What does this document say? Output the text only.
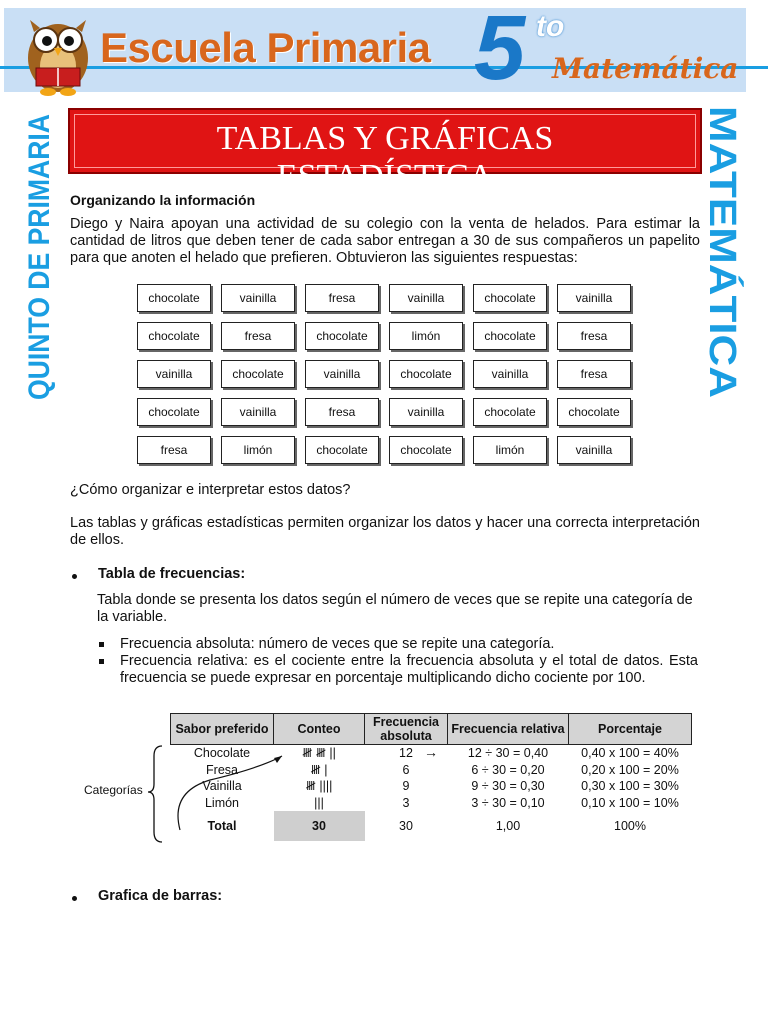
Escuela Primaria 5 to
Matemática
QUINTO DE PRIMARIA	MATEMÁTICA
TABLAS Y GRÁFICAS
ESTADÍSTICA
Organizando la información
Diego y Naira apoyan una actividad de su colegio con la venta de helados. Para estimar la cantidad de litros que deben tener de cada sabor entregan a 30 de sus compañeros un papelito para que anoten el helado que prefieren. Obtuvieron las siguientes respuestas:
chocolate	vainilla	fresa	vainilla	chocolate	vainilla
chocolate	fresa	chocolate	limón	chocolate	fresa
vainilla	chocolate	vainilla	chocolate	vainilla	fresa
chocolate	vainilla	fresa	vainilla	chocolate	chocolate
fresa	limón	chocolate	chocolate	limón	vainilla
¿Cómo organizar e interpretar estos datos?
Las tablas y gráficas estadísticas permiten organizar los datos y hacer una correcta interpretación de ellos.
Tabla de frecuencias:
Tabla donde se presenta los datos según el número de veces que se repite una categoría de la variable.
Frecuencia absoluta: número de veces que se repite una categoría.
Frecuencia relativa: es el cociente entre la frecuencia absoluta y el total de datos. Esta frecuencia se puede expresar en porcentaje multiplicando dicho cociente por 100.
Categorías
Sabor preferido	Conteo	Frecuencia absoluta	Frecuencia relativa	Porcentaje
Chocolate	𝍸 𝍸 ||	12	12 ÷ 30 = 0,40	0,40 x 100 = 40%
Fresa	𝍸 |	6	6 ÷ 30 = 0,20	0,20 x 100 = 20%
Vainilla	𝍸 ||||	9	9 ÷ 30 = 0,30	0,30 x 100 = 30%
Limón	|||	3	3 ÷ 30 = 0,10	0,10 x 100 = 10%
Total	30	30	1,00	100%
→
Grafica de barras:
